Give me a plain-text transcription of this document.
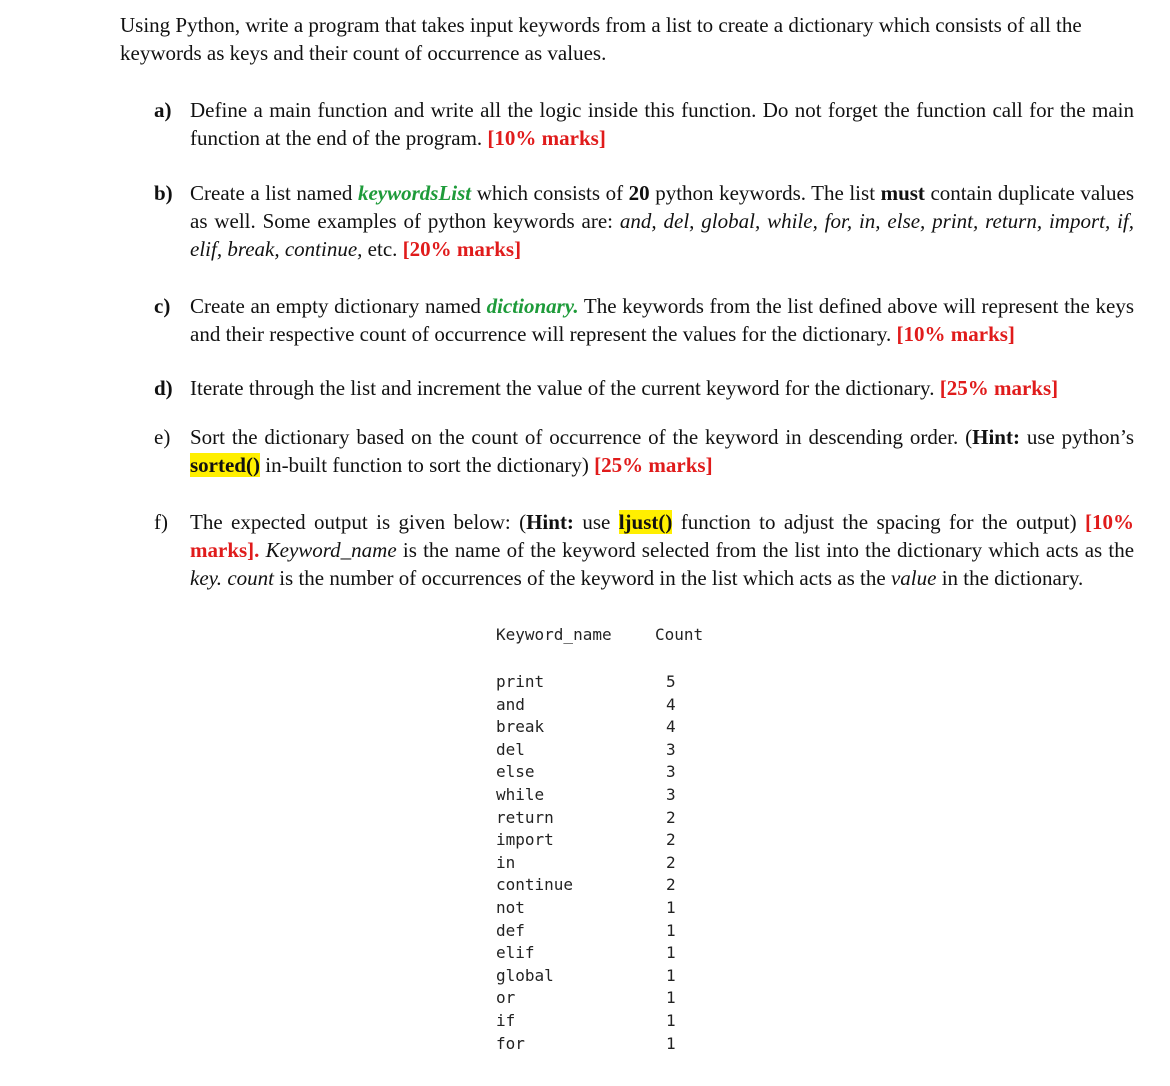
Using Python, write a program that takes input keywords from a list to create a dictionary which consists of all the keywords as keys and their count of occurrence as values.

a) Define a main function and write all the logic inside this function. Do not forget the function call for the main function at the end of the program. [10% marks]
b) Create a list named keywordsList which consists of 20 python keywords. The list must contain duplicate values as well. Some examples of python keywords are: and, del, global, while, for, in, else, print, return, import, if, elif, break, continue, etc. [20% marks]
c) Create an empty dictionary named dictionary. The keywords from the list defined above will represent the keys and their respective count of occurrence will represent the values for the dictionary. [10% marks]
d) Iterate through the list and increment the value of the current keyword for the dictionary. [25% marks]
e) Sort the dictionary based on the count of occurrence of the keyword in descending order. (Hint: use python’s sorted() in-built function to sort the dictionary) [25% marks]
f)	The expected output is given below: (Hint: use ljust() function to adjust the spacing for the output) [10% marks]. Keyword_name is the name of the keyword selected from the list into the dictionary which acts as the key. count is the number of occurrences of the keyword in the list which acts as the value in the dictionary.
Keyword_name	Count
print	5
and	4
break	4
del	3
else	3
while	3
return	2
import	2
in	2
continue	2
not	1
def	1
elif	1
global	1
or	1
if	1
for	1
